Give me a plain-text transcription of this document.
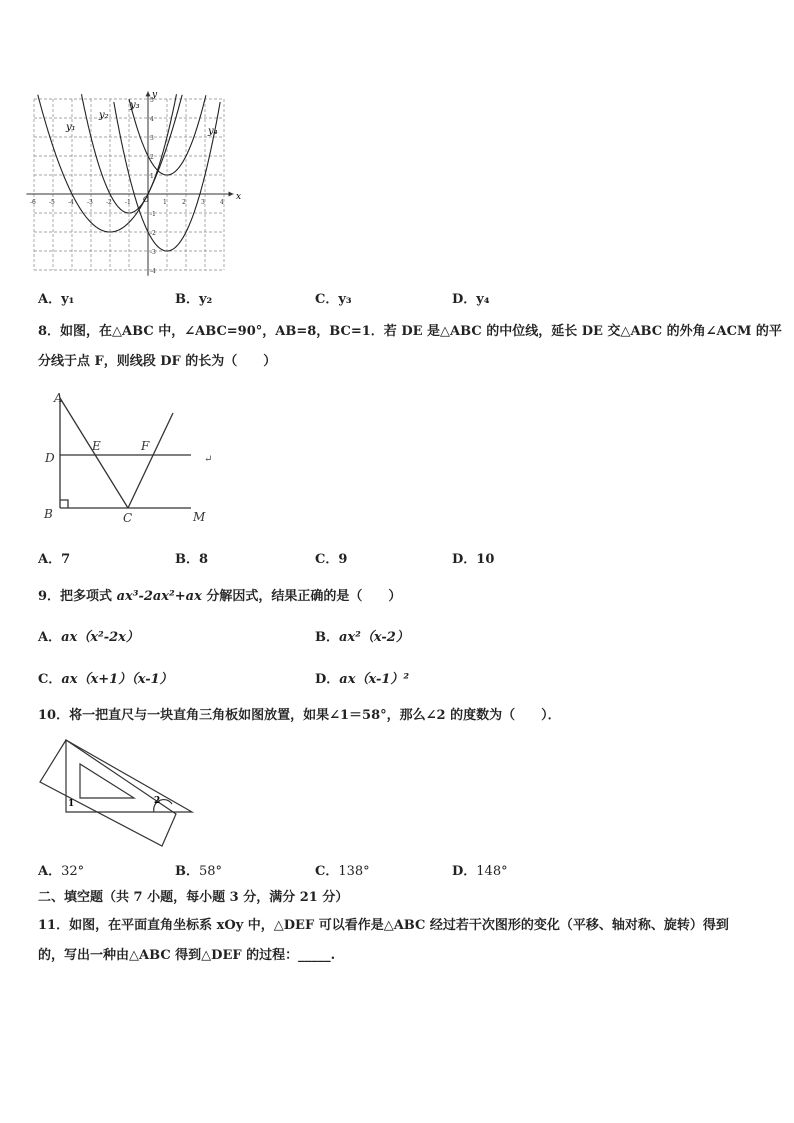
y
x
O
y₁
y₂
y₃
y₄
-6 -5 -4 -3 -2 -1	1	2	3	4
5
4
3
2
1
-1
-2
-3
-4
A．y₁	B．y₂	C．y₃	D．y₄
8．如图，在△ABC 中，∠ABC=90°，AB=8，BC=1．若 DE 是△ABC 的中位线，延长 DE 交△ABC 的外角∠ACM 的平
分线于点 F，则线段 DF 的长为（　　）
A
D
B
E	F
C	M
↵
A．7	B．8	C．9	D．10
9．把多项式 ax³-2ax²+ax 分解因式，结果正确的是（　　）
A．ax（x²-2x）	B．ax²（x-2）
C．ax（x+1）（x-1）	D．ax（x-1）²
10．将一把直尺与一块直角三角板如图放置，如果∠1＝58°，那么∠2 的度数为（　　）．
1	2
A．32°	B．58°	C．138°	D．148°
二、填空题（共 7 小题，每小题 3 分，满分 21 分）
11．如图，在平面直角坐标系 xOy 中，△DEF 可以看作是△ABC 经过若干次图形的变化（平移、轴对称、旋转）得到
的，写出一种由△ABC 得到△DEF 的过程：_____.
